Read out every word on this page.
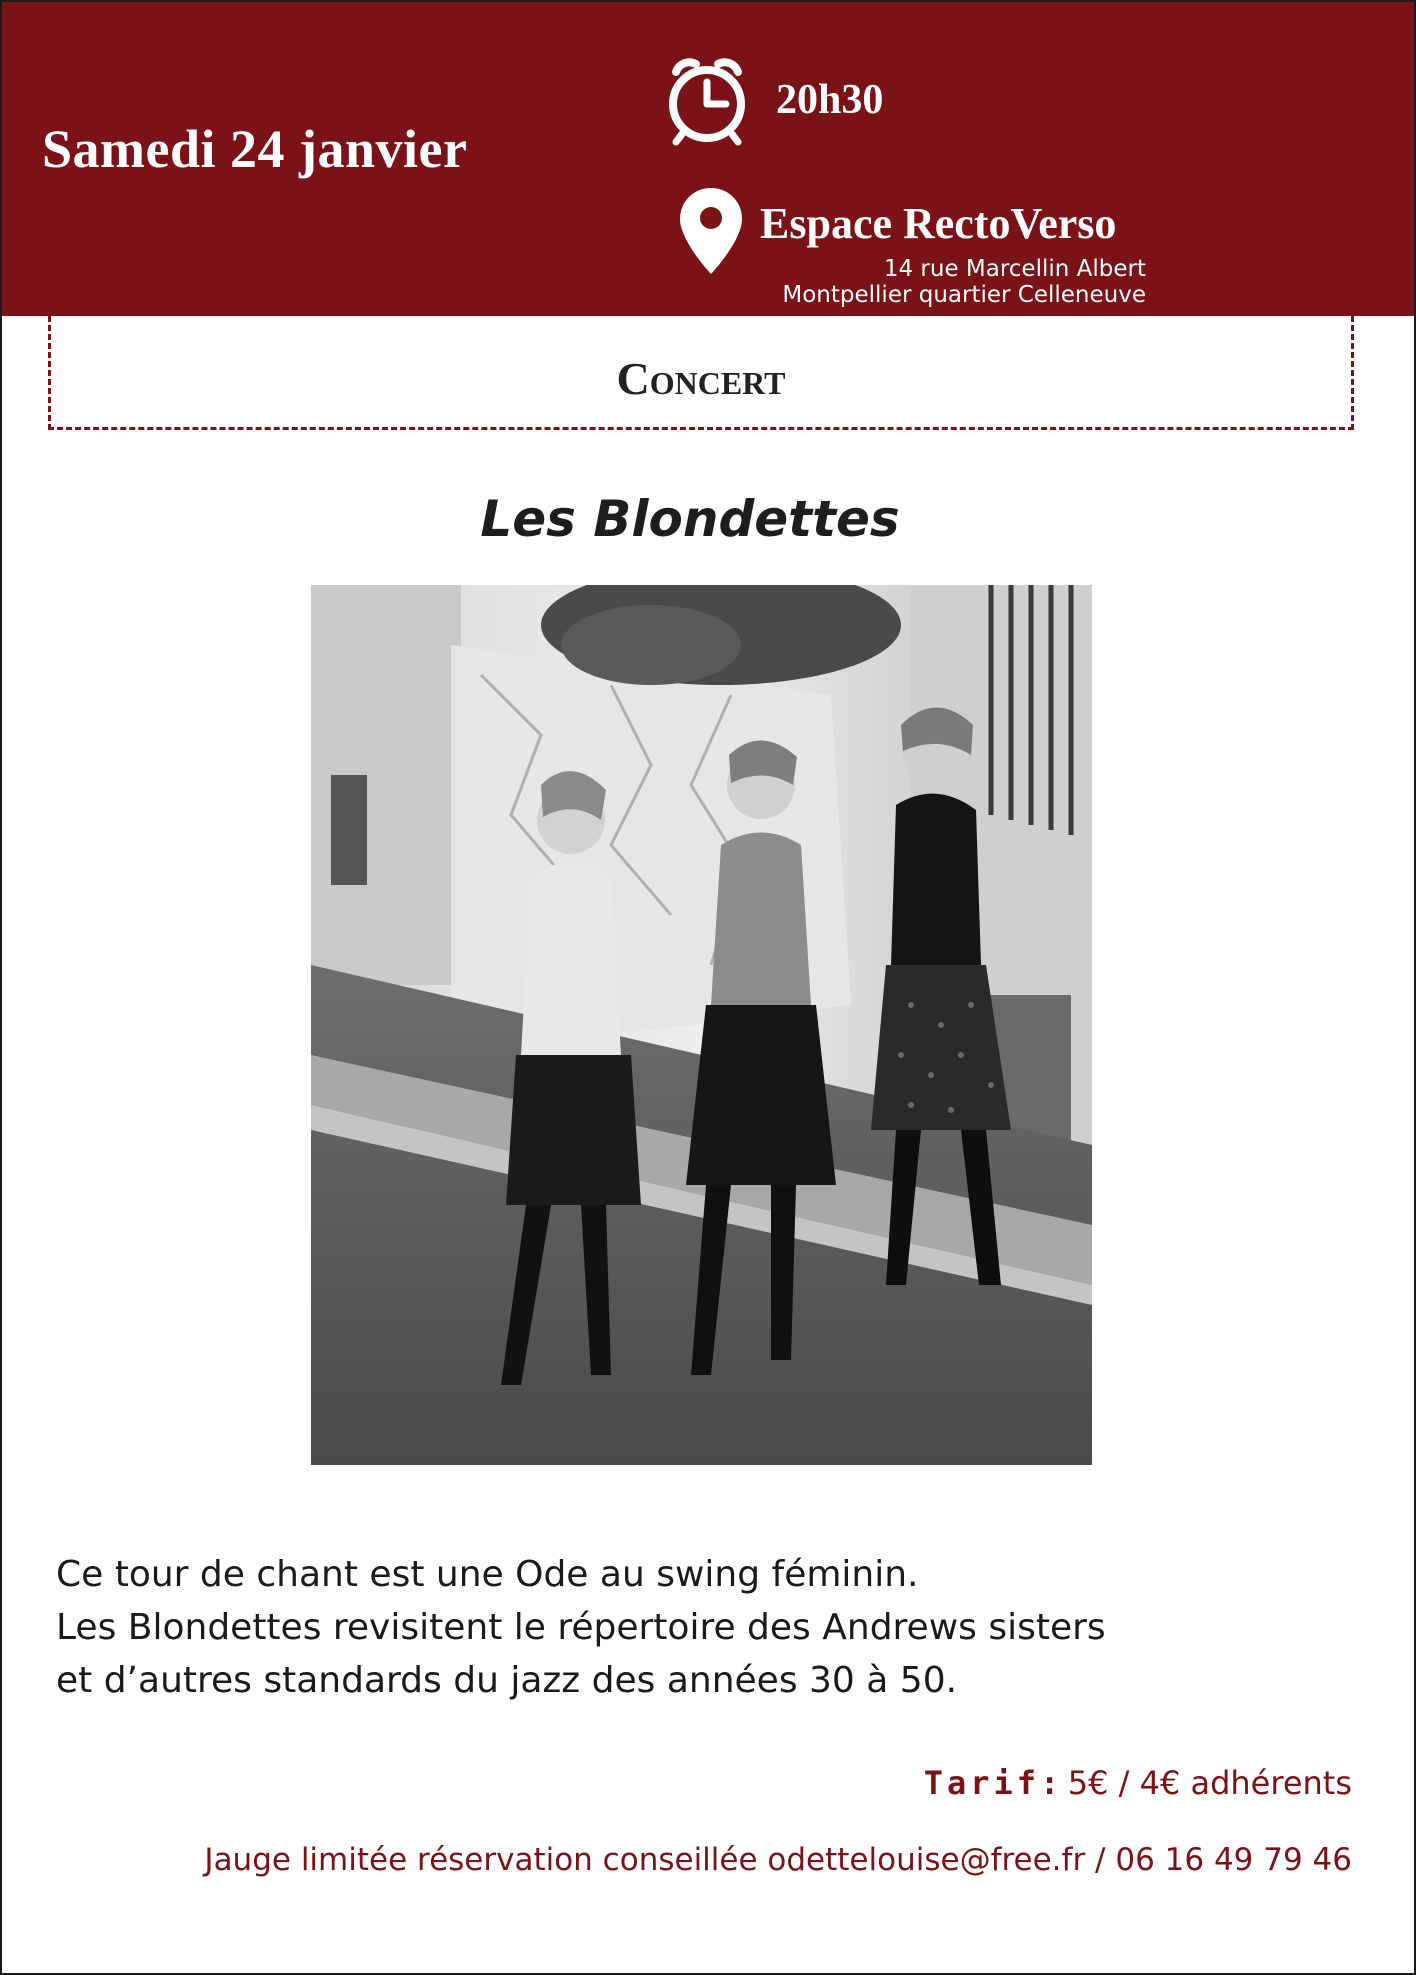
Samedi 24 janvier
20h30
Espace RectoVerso
14 rue Marcellin Albert
Montpellier quartier Celleneuve
Concert
Les Blondettes
Ce tour de chant est une Ode au swing féminin.
Les Blondettes revisitent le répertoire des Andrews sisters
et d’autres standards du jazz des années 30 à 50.
Tarif: 5€ / 4€ adhérents
Jauge limitée réservation conseillée odettelouise@free.fr / 06 16 49 79 46
